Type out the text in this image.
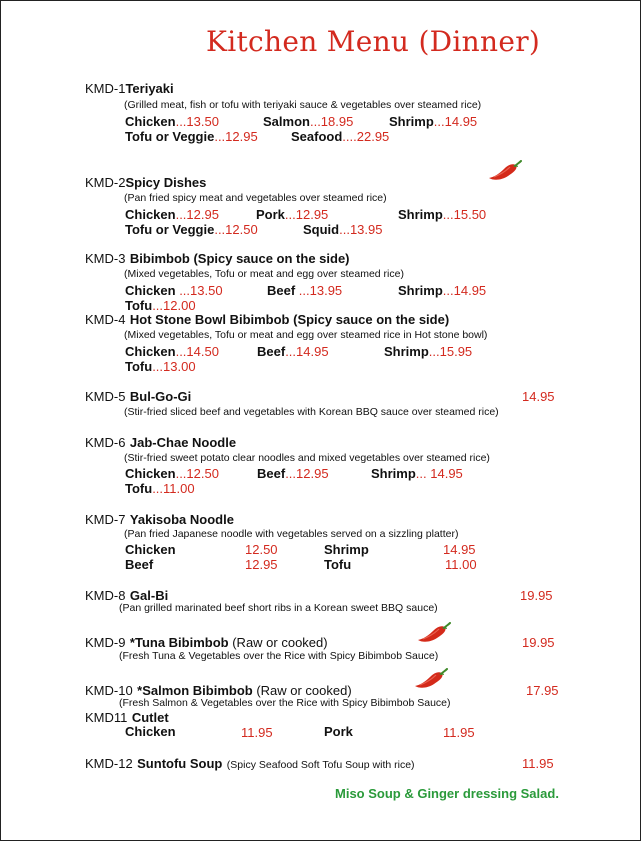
Kitchen Menu (Dinner)
KMD-1Teriyaki
(Grilled meat, fish or tofu with teriyaki sauce & vegetables over steamed rice)
Chicken...13.50	Salmon...18.95	Shrimp...14.95
Tofu or Veggie...12.95	Seafood....22.95
KMD-2Spicy Dishes
(Pan fried spicy meat and vegetables over steamed rice)
Chicken...12.95	Pork...12.95	Shrimp...15.50
Tofu or Veggie...12.50	Squid...13.95
KMD-3 Bibimbob (Spicy sauce on the side)
(Mixed vegetables, Tofu or meat and egg over steamed rice)
Chicken ...13.50	Beef ...13.95	Shrimp...14.95
Tofu...12.00
KMD-4 Hot Stone Bowl Bibimbob (Spicy sauce on the side)
(Mixed vegetables, Tofu or meat and egg over steamed rice in Hot stone bowl)
Chicken...14.50	Beef...14.95	Shrimp...15.95
Tofu...13.00
KMD-5 Bul-Go-Gi	14.95
(Stir-fried sliced beef and vegetables with Korean BBQ sauce over steamed rice)
KMD-6 Jab-Chae Noodle
(Stir-fried sweet potato clear noodles and mixed vegetables over steamed rice)
Chicken...12.50	Beef...12.95	Shrimp... 14.95
Tofu...11.00
KMD-7 Yakisoba Noodle
(Pan fried Japanese noodle with vegetables served on a sizzling platter)
Chicken	12.50	Shrimp	14.95
Beef	12.95	Tofu	11.00
KMD-8 Gal-Bi	19.95
(Pan grilled marinated beef short ribs in a Korean sweet BBQ sauce)
KMD-9 *Tuna Bibimbob (Raw or cooked)	19.95
(Fresh Tuna & Vegetables over the Rice with Spicy Bibimbob Sauce)
KMD-10 *Salmon Bibimbob (Raw or cooked)	17.95
(Fresh Salmon & Vegetables over the Rice with Spicy Bibimbob Sauce)
KMD11 Cutlet
Chicken	11.95	Pork	11.95
KMD-12 Suntofu Soup (Spicy Seafood Soft Tofu Soup with rice)	11.95
Miso Soup & Ginger dressing Salad.
